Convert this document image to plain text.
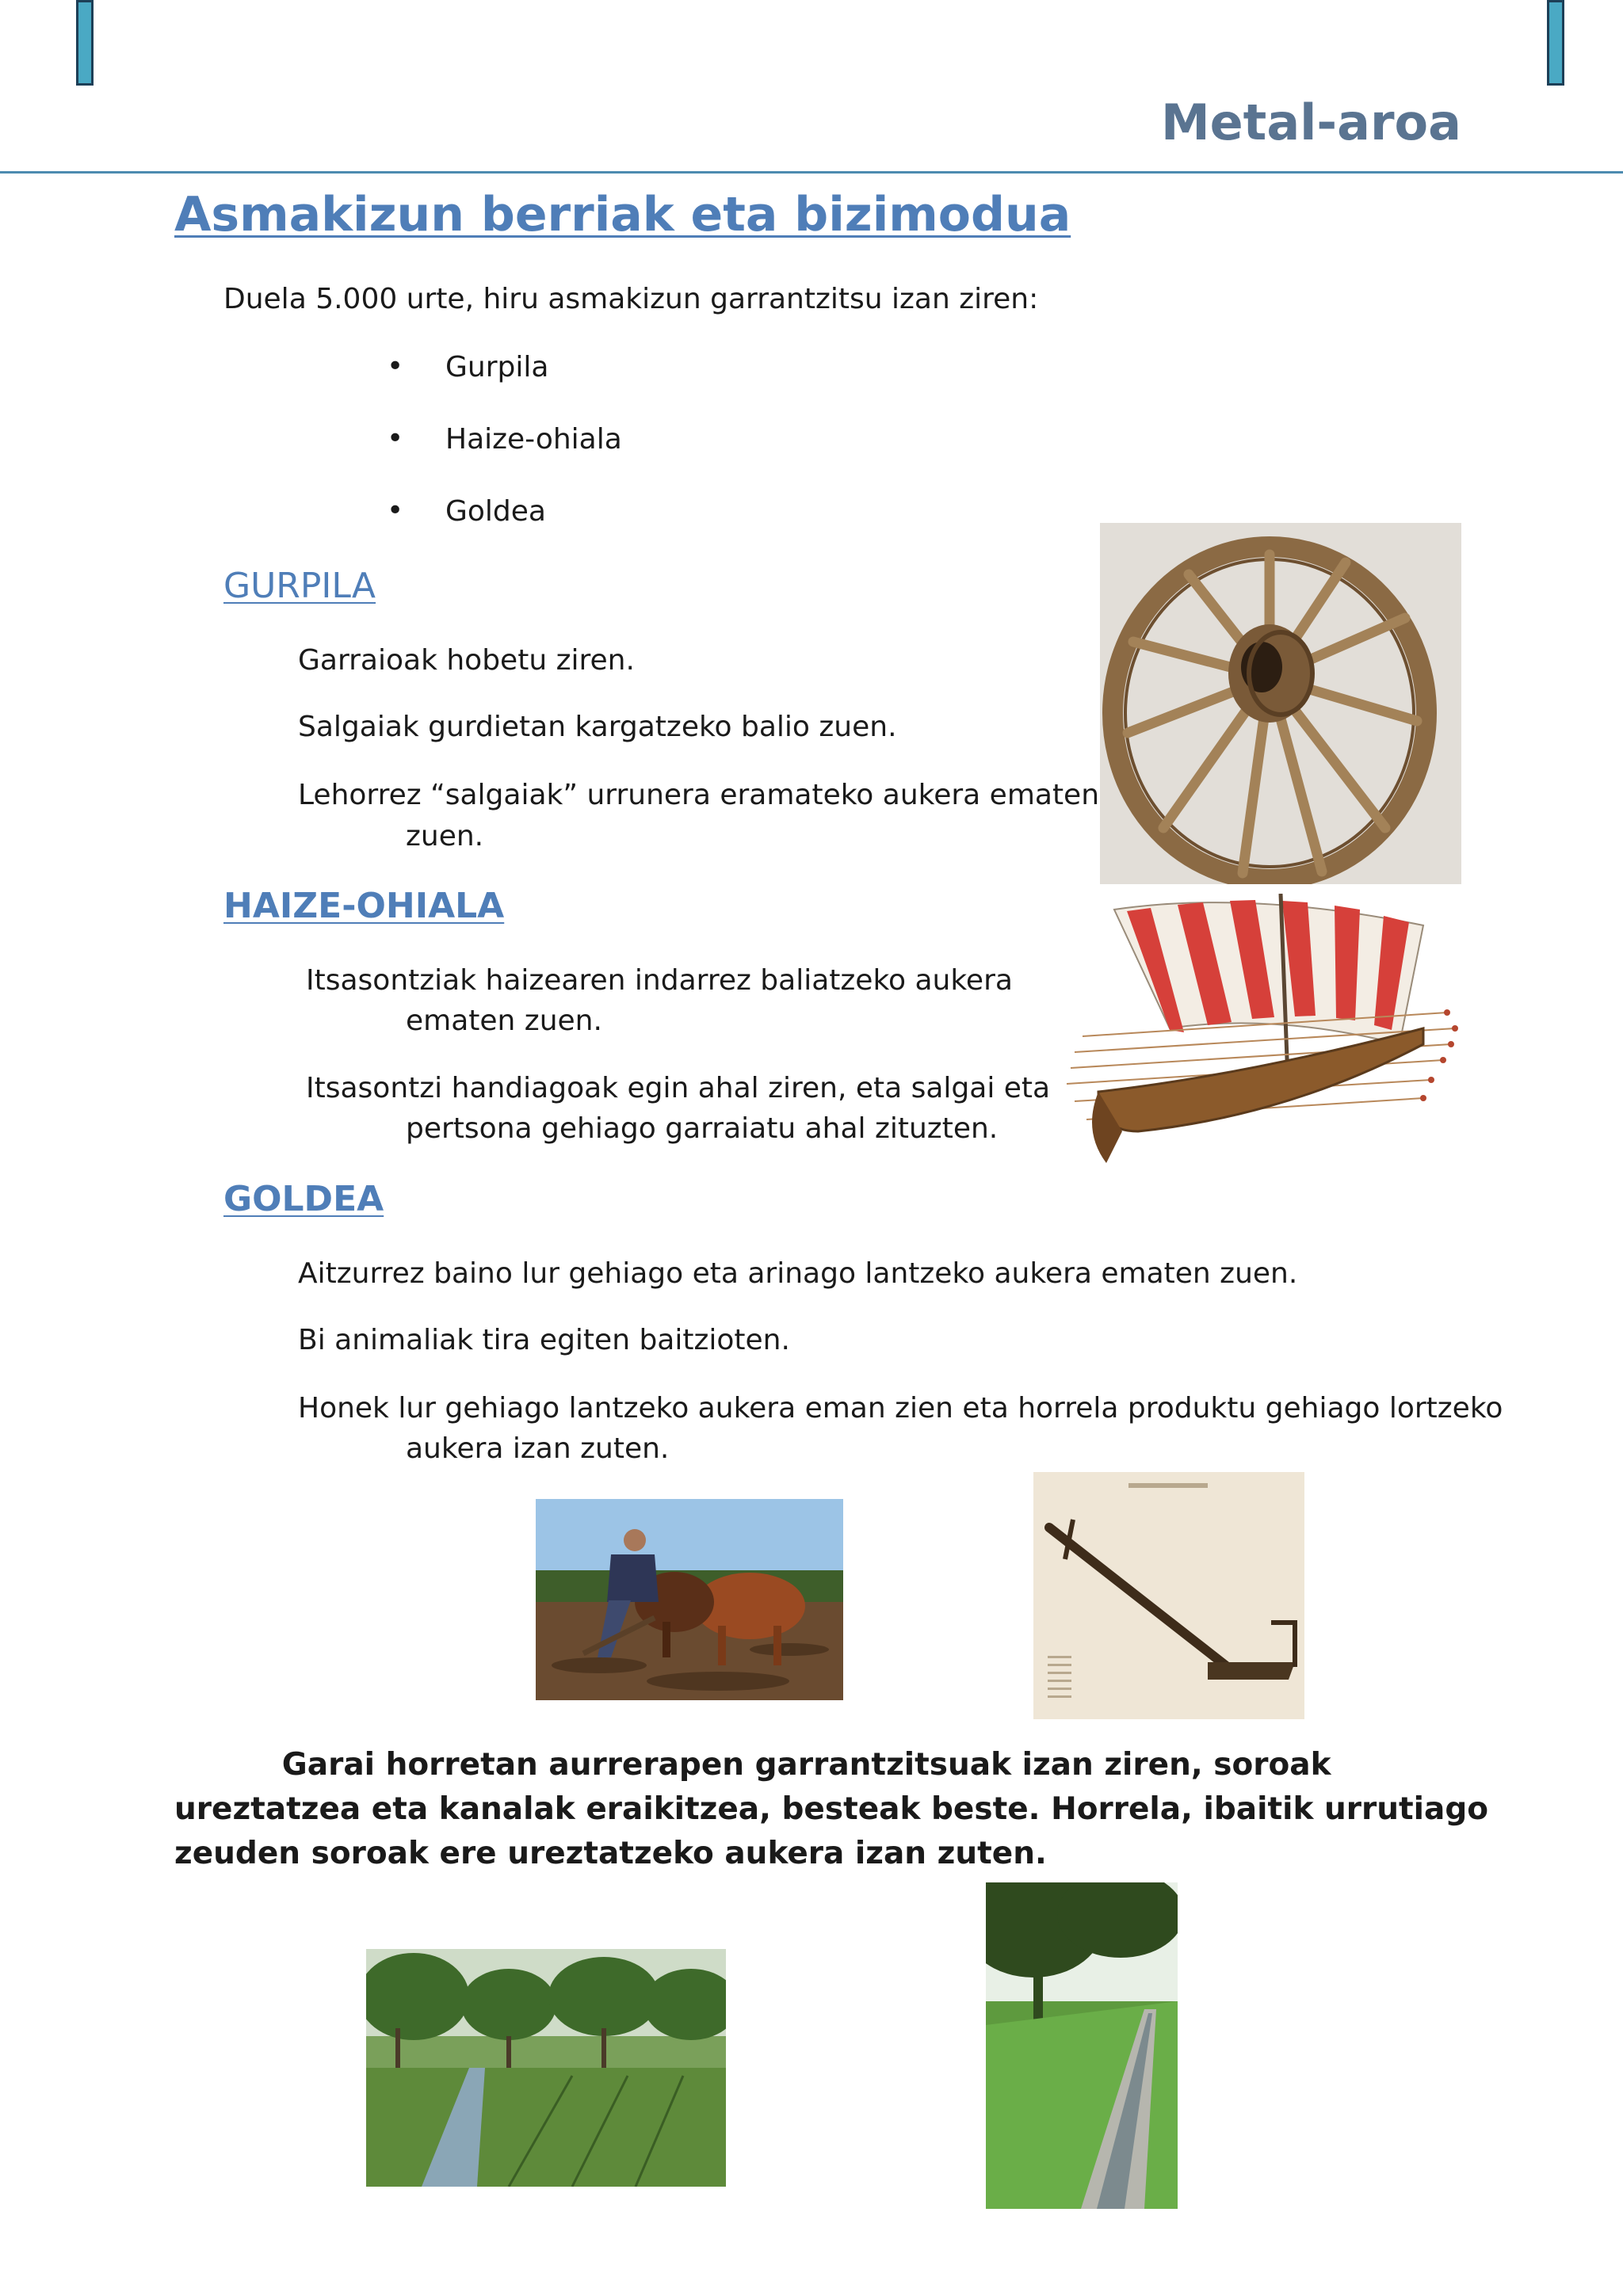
Metal-aroa
Asmakizun berriak eta bizimodua
Duela 5.000 urte, hiru asmakizun garrantzitsu izan ziren:
• Gurpila
• Haize-ohiala
• Goldea
GURPILA
Garraioak hobetu ziren.
Salgaiak gurdietan kargatzeko balio zuen.
Lehorrez “salgaiak” urrunera eramateko aukera ematen
zuen.
HAIZE-OHIALA
Itsasontziak haizearen indarrez baliatzeko aukera
ematen zuen.
Itsasontzi handiagoak egin ahal ziren, eta salgai eta
pertsona gehiago garraiatu ahal zituzten.
GOLDEA
Aitzurrez baino lur gehiago eta arinago lantzeko aukera ematen zuen.
Bi animaliak tira egiten baitzioten.
Honek lur gehiago lantzeko aukera eman zien eta horrela produktu gehiago lortzeko
aukera izan zuten.
Garai horretan aurrerapen garrantzitsuak izan ziren, soroak ureztatzea eta kanalak eraikitzea, besteak beste. Horrela, ibaitik urrutiago zeuden soroak ere ureztatzeko aukera izan zuten.
